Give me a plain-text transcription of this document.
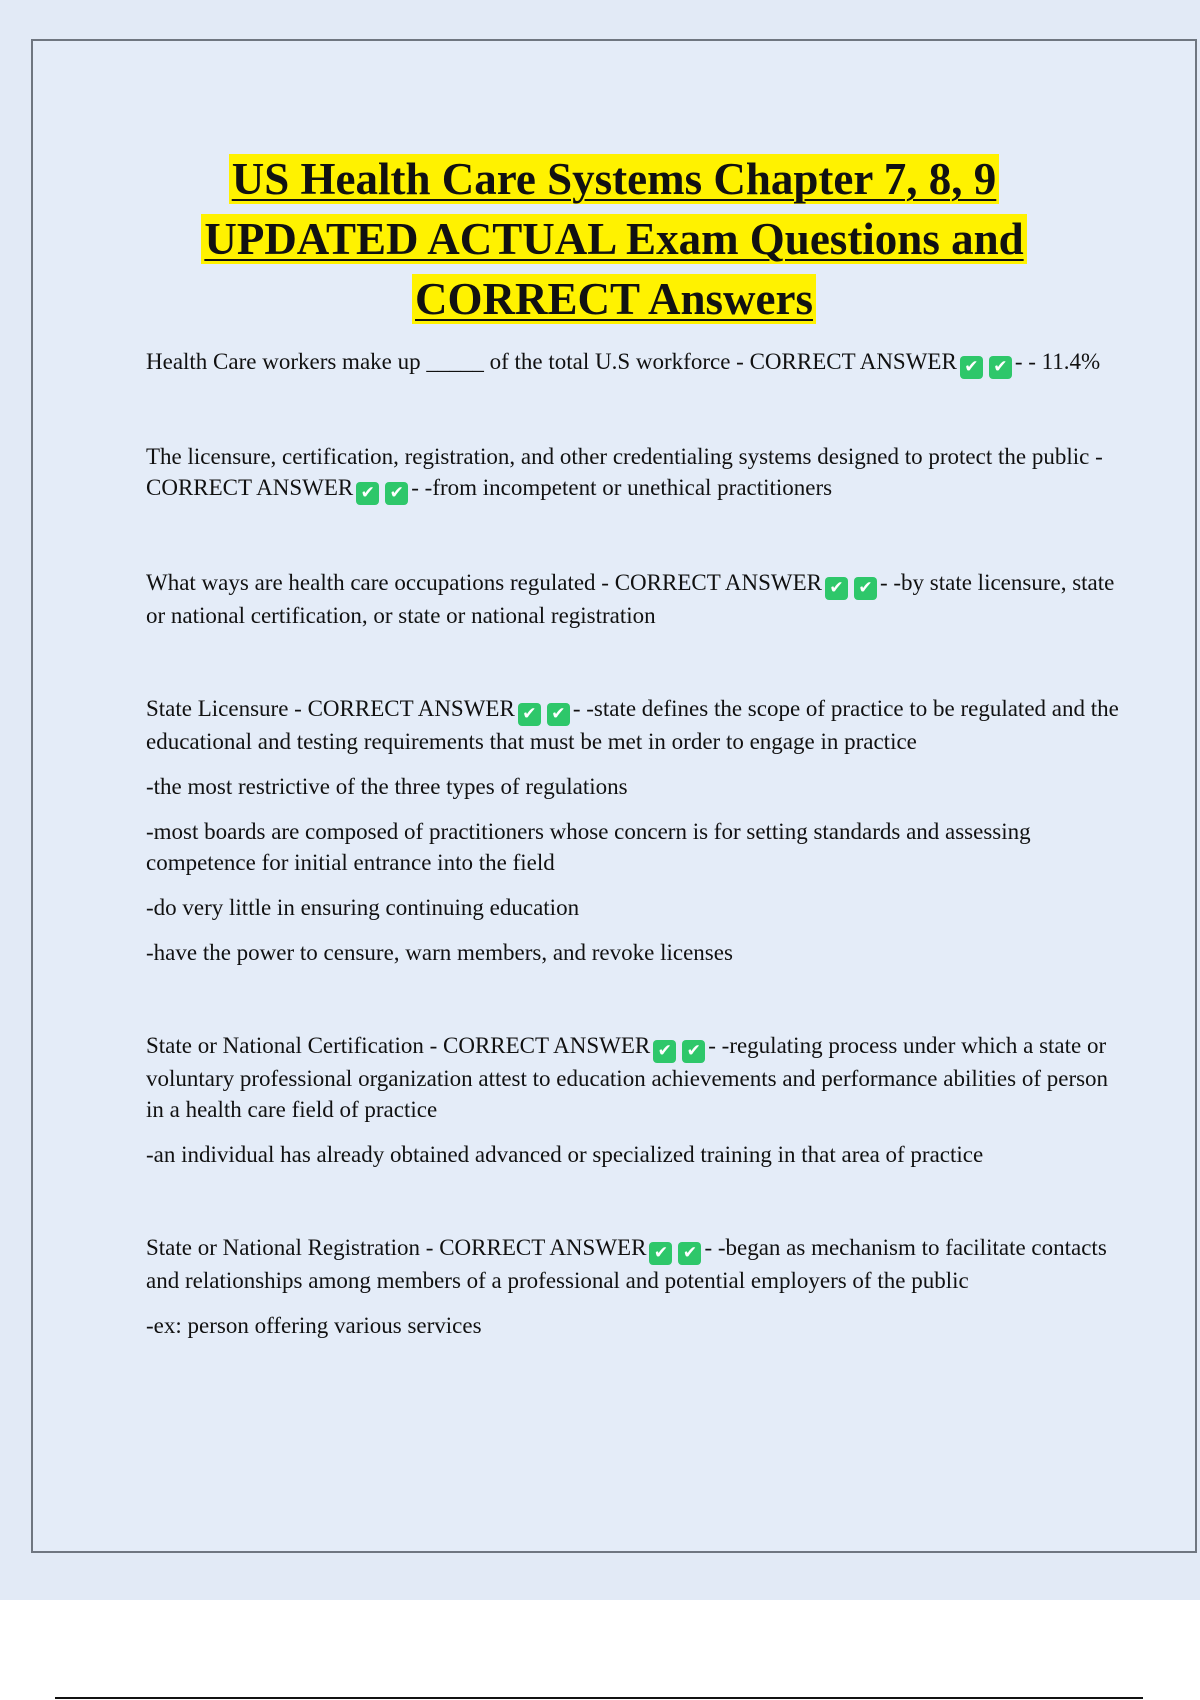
US Health Care Systems Chapter 7, 8, 9
UPDATED ACTUAL Exam Questions and
CORRECT Answers

Health Care workers make up _____ of the total U.S workforce - CORRECT ANSWER ✔ ✔ - - 11.4%

The licensure, certification, registration, and other credentialing systems designed to protect the public - CORRECT ANSWER ✔ ✔ - -from incompetent or unethical practitioners

What ways are health care occupations regulated - CORRECT ANSWER ✔ ✔ - -by state licensure, state or national certification, or state or national registration

State Licensure - CORRECT ANSWER ✔ ✔ - -state defines the scope of practice to be regulated and the educational and testing requirements that must be met in order to engage in practice

-the most restrictive of the three types of regulations

-most boards are composed of practitioners whose concern is for setting standards and assessing competence for initial entrance into the field

-do very little in ensuring continuing education

-have the power to censure, warn members, and revoke licenses

State or National Certification - CORRECT ANSWER ✔ ✔ - -regulating process under which a state or voluntary professional organization attest to education achievements and performance abilities of person in a health care field of practice

-an individual has already obtained advanced or specialized training in that area of practice

State or National Registration - CORRECT ANSWER ✔ ✔ - -began as mechanism to facilitate contacts and relationships among members of a professional and potential employers of the public

-ex: person offering various services
